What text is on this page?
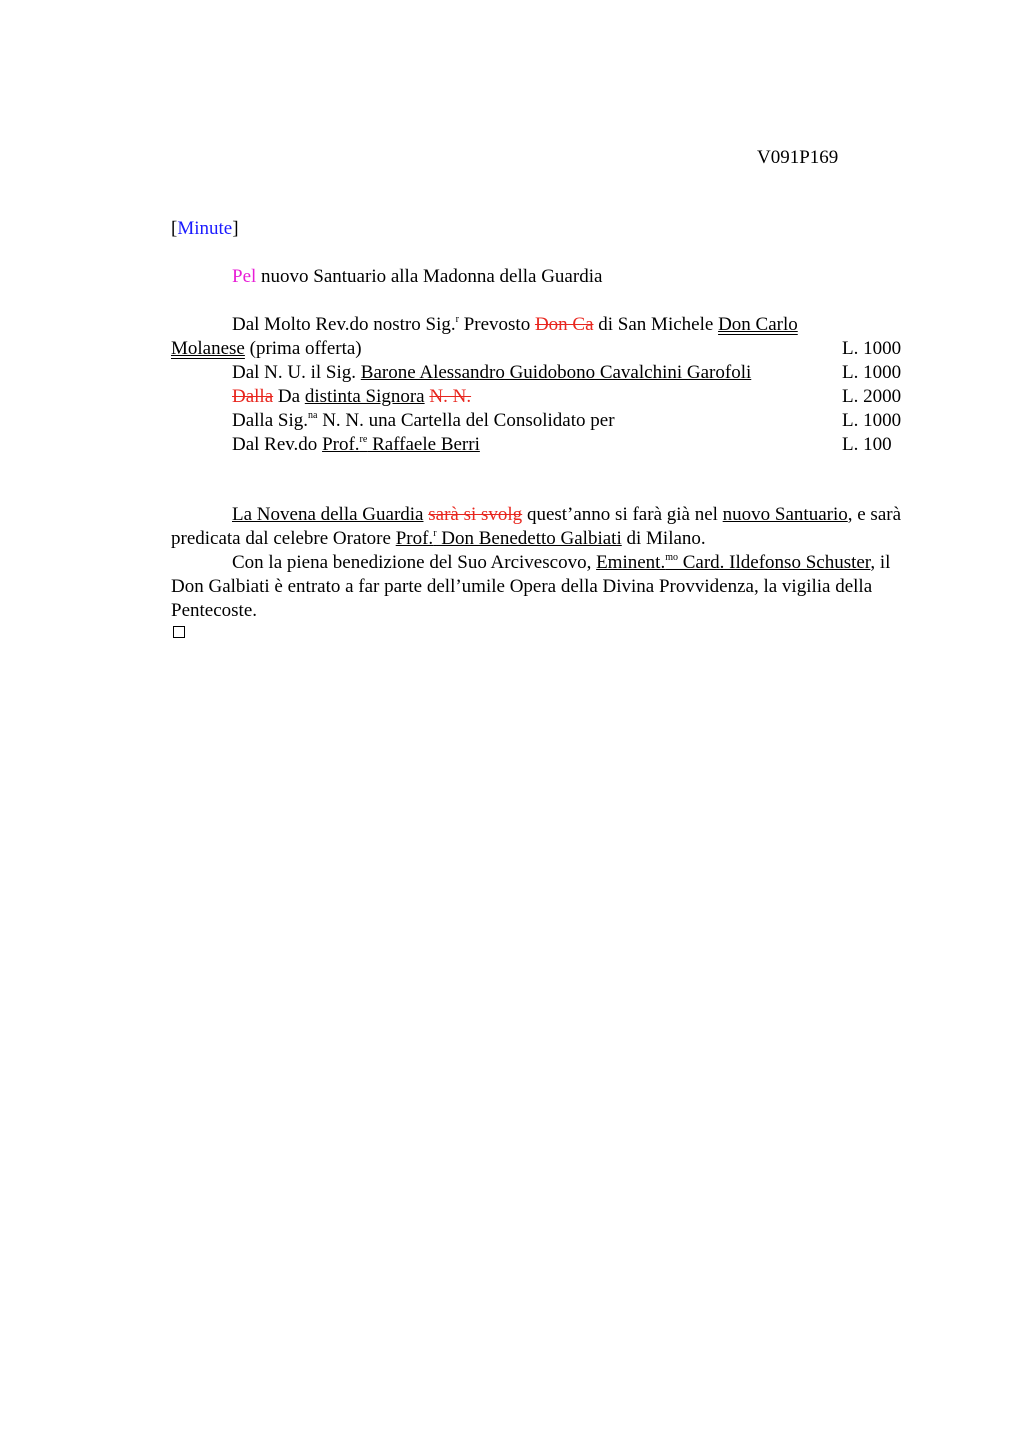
V091P169
[Minute]
Pel nuovo Santuario alla Madonna della Guardia
Dal Molto Rev.do nostro Sig.$^r$ Prevosto Don Ca di San Michele Don Carlo
Molanese (prima offerta)	L. 1000
Dal N. U. il Sig. Barone Alessandro Guidobono Cavalchini Garofoli	L. 1000
Dalla Da distinta Signora N. N.	L. 2000
Dalla Sig.$^{na}$ N. N. una Cartella del Consolidato per	L. 1000
Dal Rev.do Prof.$^{re}$ Raffaele Berri	L. 100
La Novena della Guardia sarà si svolg quest’anno si farà già nel nuovo Santuario, e sarà predicata dal celebre Oratore Prof.$^r$ Don Benedetto Galbiati di Milano.
Con la piena benedizione del Suo Arcivescovo, Eminent.$^{mo}$ Card. Ildefonso Schuster, il Don Galbiati è entrato a far parte dell’umile Opera della Divina Provvidenza, la vigilia della Pentecoste.
